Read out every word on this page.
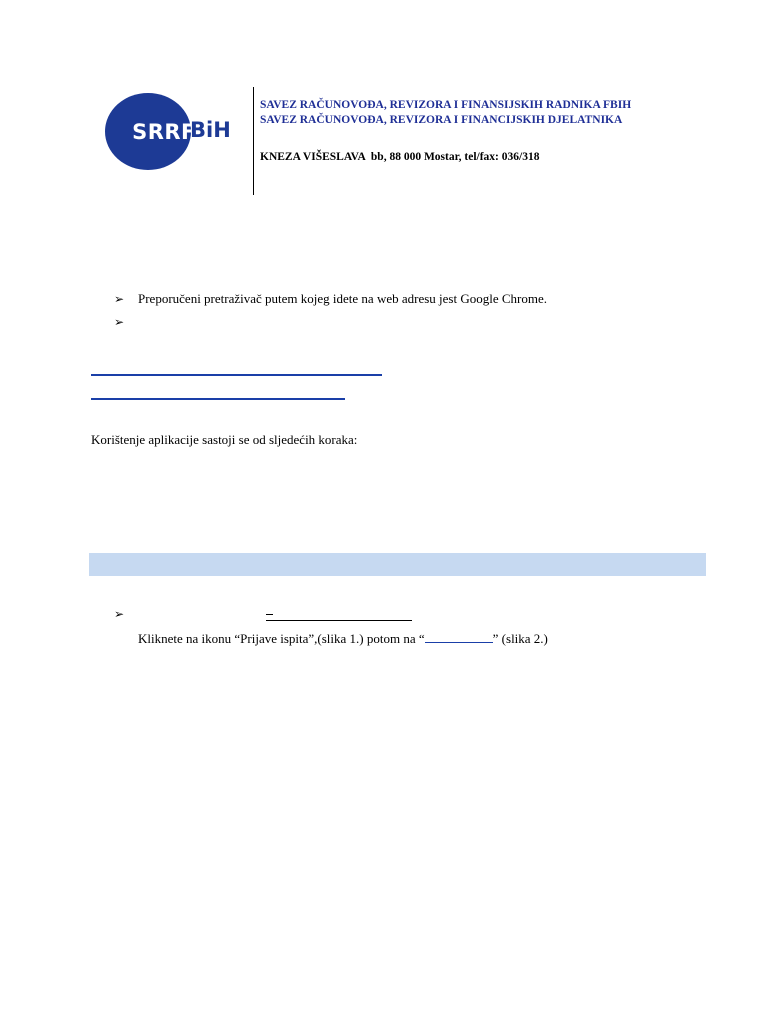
SRRF
BiH
SAVEZ RAČUNOVOĐA, REVIZORA I FINANSIJSKIH RADNIKA FBIH
SAVEZ RAČUNOVOĐA, REVIZORA I FINANCIJSKIH DJELATNIKA
KNEZA VIŠESLAVA  bb, 88 000 Mostar, tel/fax: 036/318
➢ Preporučeni pretraživač putem kojeg idete na web adresu jest Google Chrome.
➢
Korištenje aplikacije sastoji se od sljedećih koraka:
➢
Kliknete na ikonu “Prijave ispita”,(slika 1.) potom na “	” (slika 2.)
